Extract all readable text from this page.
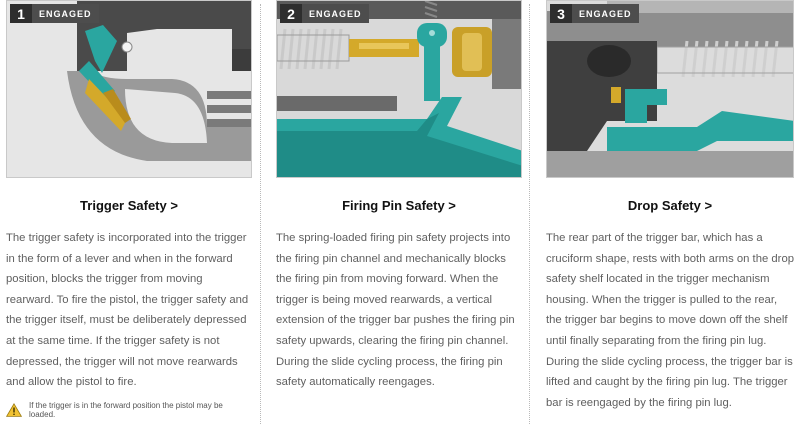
1	ENGAGED
Trigger Safety >

The trigger safety is incorporated into the trigger in the form of a lever and when in the forward position, blocks the trigger from moving rearward. To fire the pistol, the trigger safety and the trigger itself, must be deliberately depressed at the same time. If the trigger safety is not depressed, the trigger will not move rearwards and allow the pistol to fire.

If the trigger is in the forward position the pistol may be loaded.
2	ENGAGED
Firing Pin Safety >

The spring-loaded firing pin safety projects into the firing pin channel and mechanically blocks the firing pin from moving forward. When the trigger is being moved rearwards, a vertical extension of the trigger bar pushes the firing pin safety upwards, clearing the firing pin channel. During the slide cycling process, the firing pin safety automatically reengages.

3	ENGAGED
Drop Safety >

The rear part of the trigger bar, which has a cruciform shape, rests with both arms on the drop safety shelf located in the trigger mechanism housing. When the trigger is pulled to the rear, the trigger bar begins to move down off the shelf until finally separating from the firing pin lug. During the slide cycling process, the trigger bar is lifted and caught by the firing pin lug. The trigger bar is reengaged by the firing pin lug.
